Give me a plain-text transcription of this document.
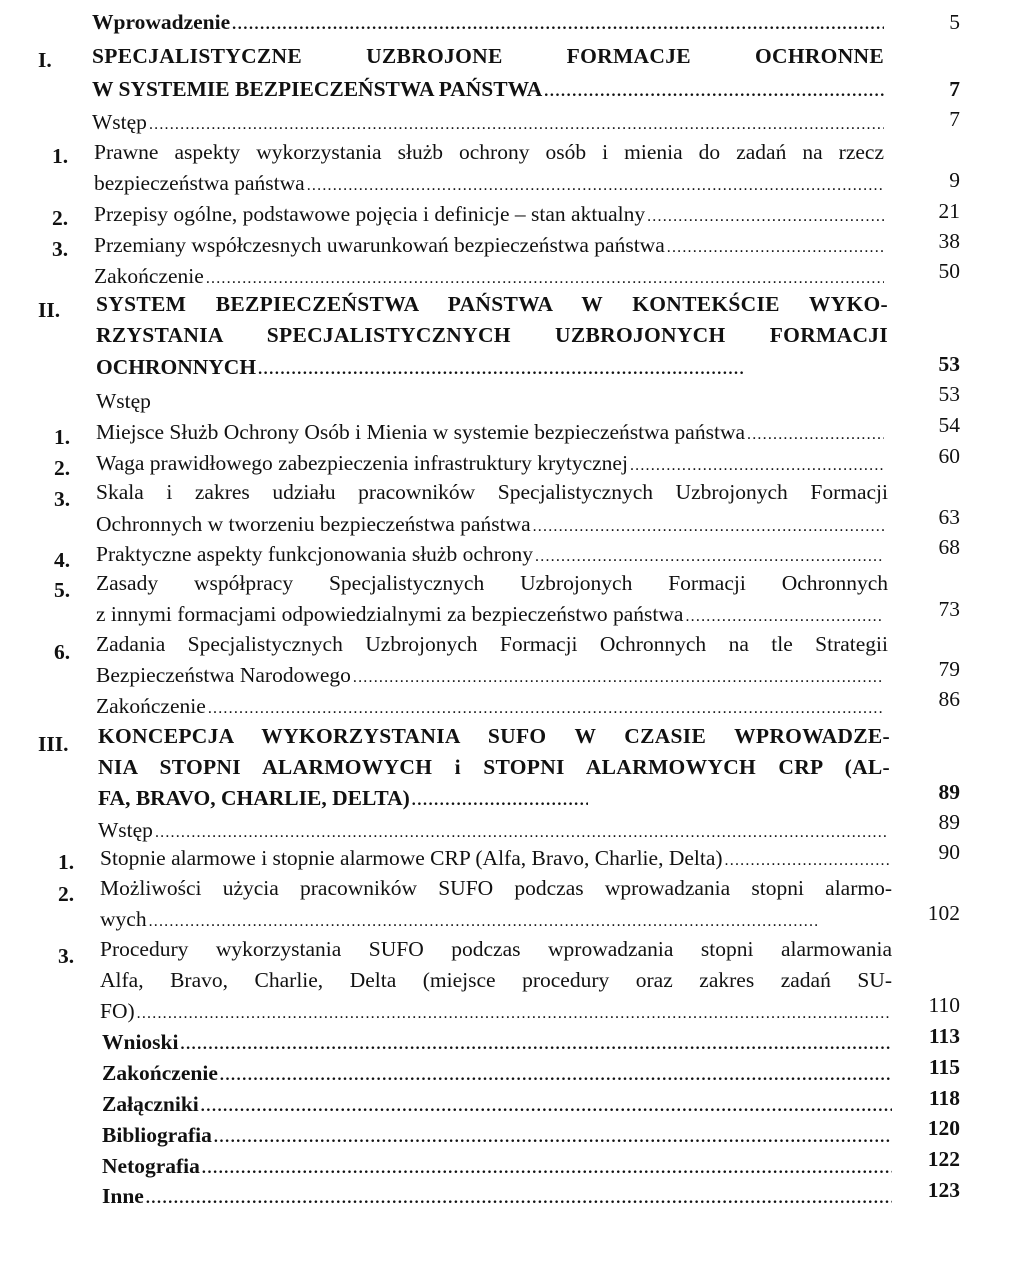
Wprowadzenie .....	5
I. SPECJALISTYCZNE UZBROJONE FORMACJE OCHRONNE
W SYSTEMIE BEZPIECZEŃSTWA PAŃSTWA .....	7
Wstęp .....	7
1. Prawne aspekty wykorzystania służb ochrony osób i mienia do zadań na rzecz
bezpieczeństwa państwa .....	9
2. Przepisy ogólne, podstawowe pojęcia i definicje – stan aktualny .....	21
3. Przemiany współczesnych uwarunkowań bezpieczeństwa państwa .....	38
Zakończenie .....	50
II. SYSTEM BEZPIECZEŃSTWA PAŃSTWA W KONTEKŚCIE WYKO-
RZYSTANIA SPECJALISTYCZNYCH UZBROJONYCH FORMACJI
OCHRONNYCH .....	53
Wstęp	53
1. Miejsce Służb Ochrony Osób i Mienia w systemie bezpieczeństwa państwa .....	54
2. Waga prawidłowego zabezpieczenia infrastruktury krytycznej .....	60
3. Skala i zakres udziału pracowników Specjalistycznych Uzbrojonych Formacji
Ochronnych w tworzeniu bezpieczeństwa państwa .....	63
4. Praktyczne aspekty funkcjonowania służb ochrony .....	68
5. Zasady współpracy Specjalistycznych Uzbrojonych Formacji Ochronnych
z innymi formacjami odpowiedzialnymi za bezpieczeństwo państwa .....	73
6. Zadania Specjalistycznych Uzbrojonych Formacji Ochronnych na tle Strategii
Bezpieczeństwa Narodowego .....	79
Zakończenie .....	86
III. KONCEPCJA WYKORZYSTANIA SUFO W CZASIE WPROWADZE-
NIA STOPNI ALARMOWYCH i STOPNI ALARMOWYCH CRP (AL-
FA, BRAVO, CHARLIE, DELTA) .....	89
Wstęp .....	89
1. Stopnie alarmowe i stopnie alarmowe CRP (Alfa, Bravo, Charlie, Delta) .....	90
2. Możliwości użycia pracowników SUFO podczas wprowadzania stopni alarmo-
wych .....	102
3. Procedury wykorzystania SUFO podczas wprowadzania stopni alarmowania
Alfa, Bravo, Charlie, Delta (miejsce procedury oraz zakres zadań SU-
FO) .....	110
Wnioski .....	113
Zakończenie .....	115
Załączniki .....	118
Bibliografia .....	120
Netografia .....	122
Inne .....	123
